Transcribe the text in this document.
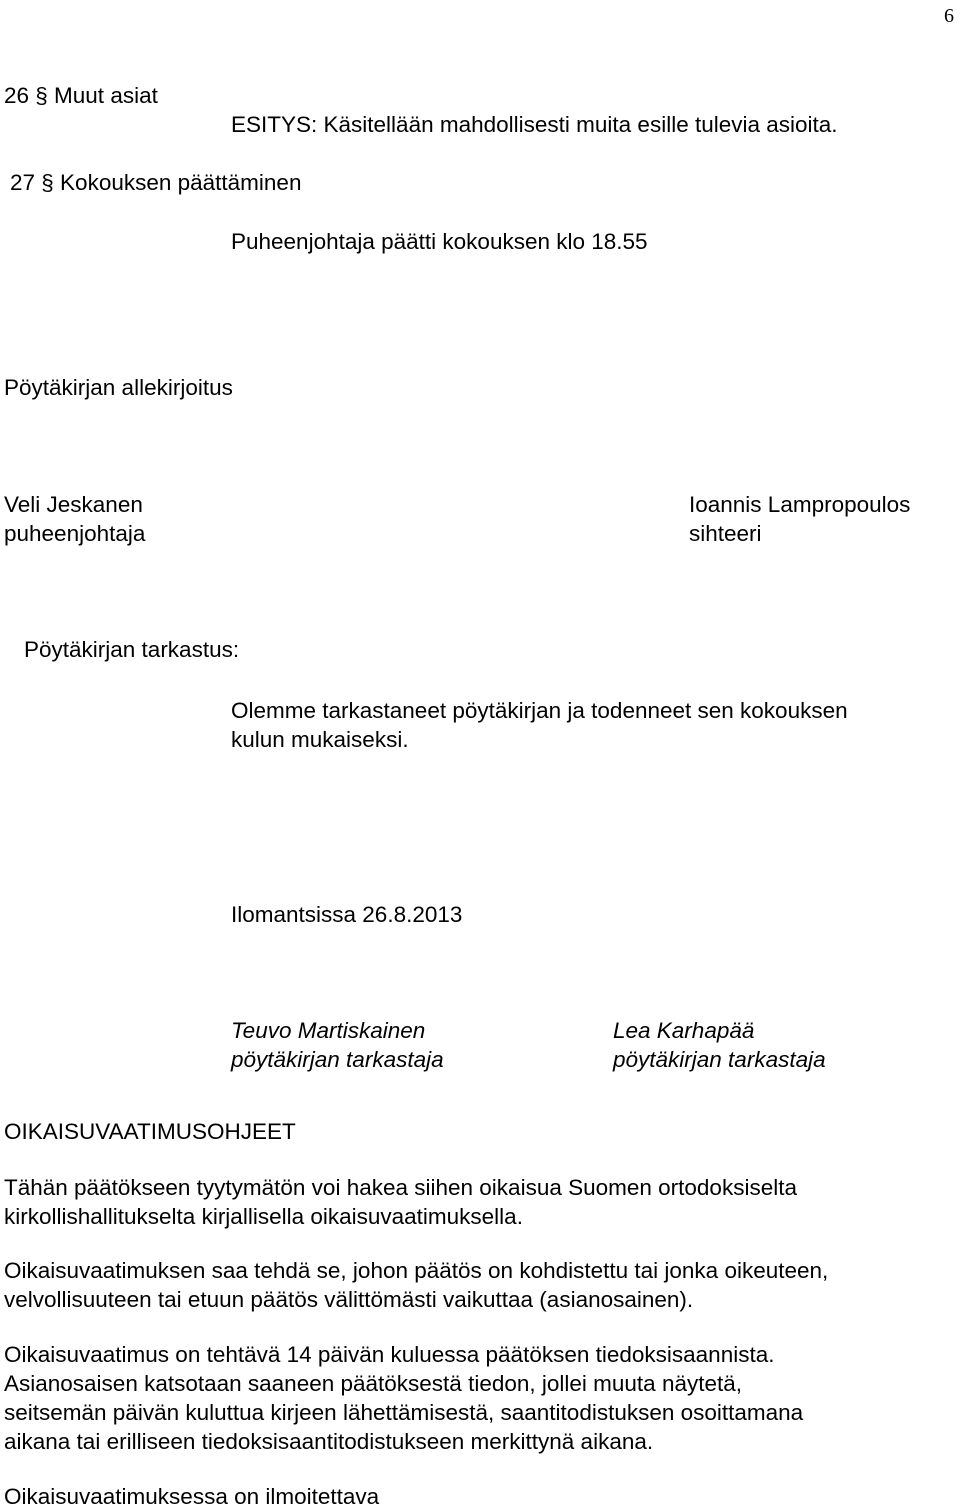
6
26 § Muut asiat
ESITYS: Käsitellään mahdollisesti muita esille tulevia asioita.
27 § Kokouksen päättäminen
Puheenjohtaja päätti kokouksen klo 18.55
Pöytäkirjan allekirjoitus
Veli Jeskanen
puheenjohtaja
Ioannis Lampropoulos
sihteeri
Pöytäkirjan tarkastus:
Olemme tarkastaneet pöytäkirjan ja todenneet sen kokouksen
kulun mukaiseksi.
Ilomantsissa 26.8.2013
Teuvo Martiskainen
pöytäkirjan tarkastaja
Lea Karhapää
pöytäkirjan tarkastaja
OIKAISUVAATIMUSOHJEET
Tähän päätökseen tyytymätön voi hakea siihen oikaisua Suomen ortodoksiselta
kirkollishallitukselta kirjallisella oikaisuvaatimuksella.
Oikaisuvaatimuksen saa tehdä se, johon päätös on kohdistettu tai jonka oikeuteen,
velvollisuuteen tai etuun päätös välittömästi vaikuttaa (asianosainen).
Oikaisuvaatimus on tehtävä 14 päivän kuluessa päätöksen tiedoksisaannista.
Asianosaisen katsotaan saaneen päätöksestä tiedon, jollei muuta näytetä,
seitsemän päivän kuluttua kirjeen lähettämisestä, saantitodistuksen osoittamana
aikana tai erilliseen tiedoksisaantitodistukseen merkittynä aikana.
Oikaisuvaatimuksessa on ilmoitettava
